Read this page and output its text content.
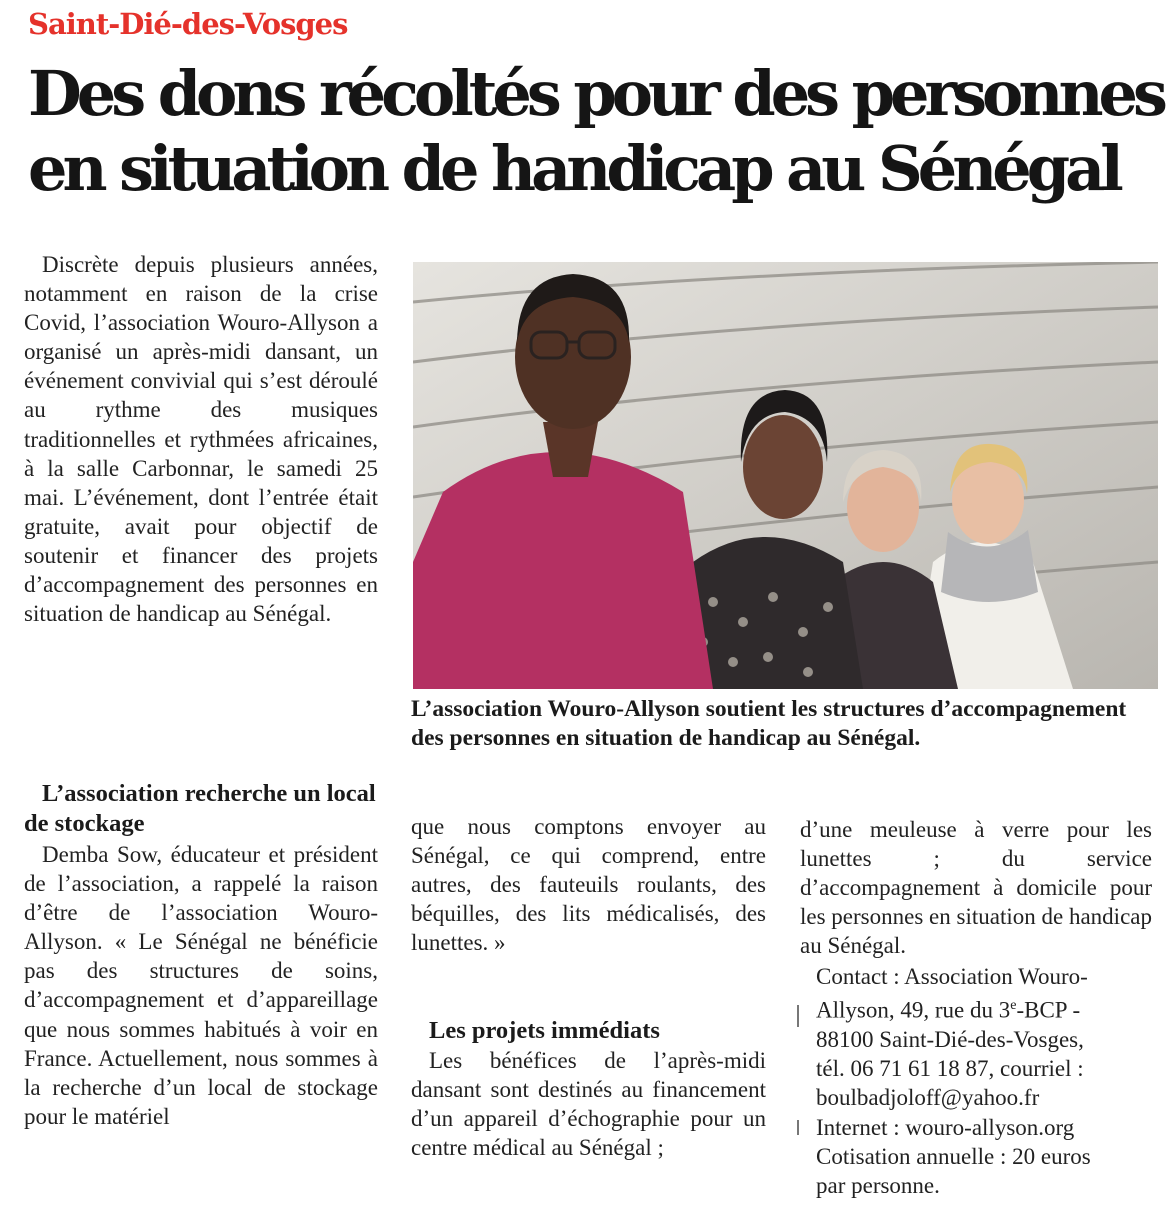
Saint-Dié-des-Vosges
Des dons récoltés pour des personnes
en situation de handicap au Sénégal

Discrète depuis plusieurs années, notamment en raison de la crise Covid, l’association Wouro-Allyson a organisé un après-midi dansant, un événement convivial qui s’est déroulé au rythme des musiques traditionnelles et rythmées africaines, à la salle Carbonnar, le samedi 25 mai. L’événement, dont l’entrée était gratuite, avait pour objectif de soutenir et financer des projets d’accompagnement des personnes en situation de handicap au Sénégal.

L’association Wouro-Allyson soutient les structures d’accompagnement des personnes en situation de handicap au Sénégal.

L’association recherche un local de stockage

Demba Sow, éducateur et président de l’association, a rappelé la raison d’être de l’association Wouro-Allyson. « Le Sénégal ne bénéficie pas des structures de soins, d’accompagnement et d’appareillage que nous sommes habitués à voir en France. Actuellement, nous sommes à la recherche d’un local de stockage pour le matériel

que nous comptons envoyer au Sénégal, ce qui comprend, entre autres, des fauteuils roulants, des béquilles, des lits médicalisés, des lunettes. »

Les projets immédiats

Les bénéfices de l’après-midi dansant sont destinés au financement d’un appareil d’échographie pour un centre médical au Sénégal ;

d’une meuleuse à verre pour les lunettes ; du service d’accompagnement à domicile pour les personnes en situation de handicap au Sénégal.

Contact : Association Wouro-
Allyson, 49, rue du 3e-BCP -
88100 Saint-Dié-des-Vosges,
tél. 06 71 61 18 87, courriel :
boulbadjoloff@yahoo.fr
Internet : wouro-allyson.org
Cotisation annuelle : 20 euros
par personne.
